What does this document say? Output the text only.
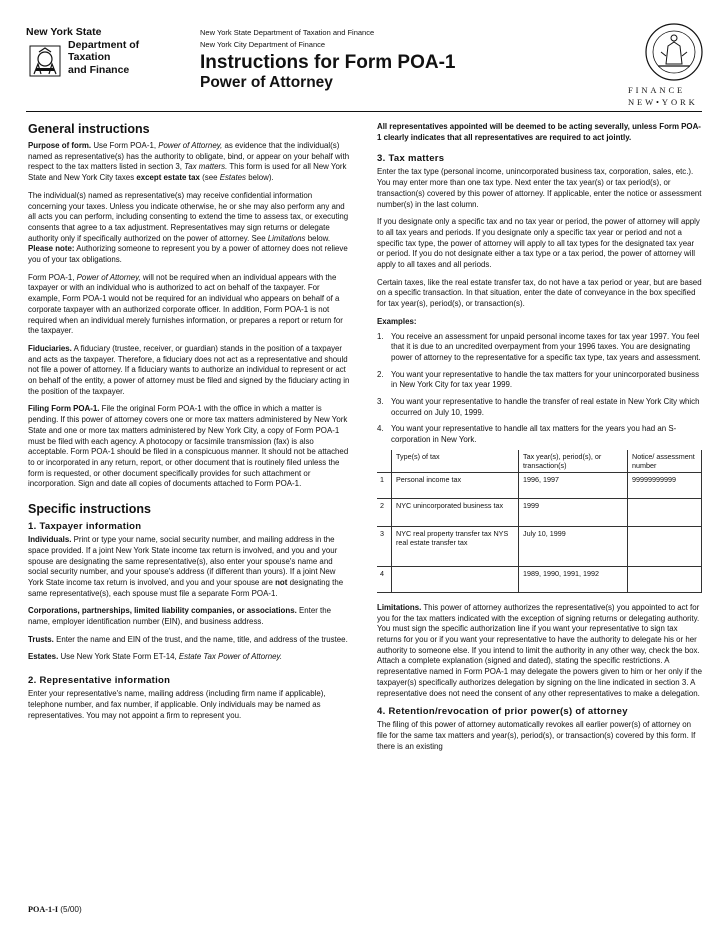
New York State
Department of
Taxation
and Finance
New York State Department of Taxation and Finance
New York City Department of Finance
Instructions for Form POA-1
Power of Attorney	FINANCE
NEW•YORK
General instructions

Purpose of form. Use Form POA-1, Power of Attorney, as evidence that the individual(s) named as representative(s) has the authority to obligate, bind, or appear on your behalf with respect to the tax matters listed in section 3, Tax matters. This form is used for all New York State and New York City taxes except estate tax (see Estates below).

The individual(s) named as representative(s) may receive confidential information concerning your taxes. Unless you indicate otherwise, he or she may also perform any and all acts you can perform, including consenting to extend the time to assess tax, or executing consents that agree to a tax adjustment. Representatives may sign returns or delegate authority only if specifically authorized on the power of attorney. See Limitations below. Please note: Authorizing someone to represent you by a power of attorney does not relieve you of your tax obligations.

Form POA-1, Power of Attorney, will not be required when an individual appears with the taxpayer or with an individual who is authorized to act on behalf of the taxpayer. For example, Form POA-1 would not be required for an individual who appears on behalf of a corporate taxpayer with an authorized corporate officer. In addition, Form POA-1 is not required when an individual merely furnishes information, or prepares a report or return for the taxpayer.

Fiduciaries. A fiduciary (trustee, receiver, or guardian) stands in the position of a taxpayer and acts as the taxpayer. Therefore, a fiduciary does not act as a representative and should not file a power of attorney. If a fiduciary wants to authorize an individual to represent or act on behalf of the entity, a power of attorney must be filed and signed by the fiduciary acting in the position of the taxpayer.

Filing Form POA-1. File the original Form POA-1 with the office in which a matter is pending. If this power of attorney covers one or more tax matters administered by New York State and one or more tax matters administered by New York City, a copy of Form POA-1 must be filed with each agency. A photocopy or facsimile transmission (fax) is also acceptable. Form POA-1 should be filed in a conspicuous manner. It should not be attached to or incorporated in any return, report, or other document that is routinely filed unless the form is requested, or other document specifically provides for such attachment or incorporation. Sign and date all copies of documents attached to Form POA-1.

Specific instructions
1. Taxpayer information

Individuals. Print or type your name, social security number, and mailing address in the space provided. If a joint New York State income tax return is involved, and you and your spouse are designating the same representative(s), also enter your spouse's name and social security number, and your spouse's address (if different than yours). If a joint New York State income tax return is involved, and you and your spouse are not designating the same representative(s), each spouse must file a separate Form POA-1.

Corporations, partnerships, limited liability companies, or associations. Enter the name, employer identification number (EIN), and business address.

Trusts. Enter the name and EIN of the trust, and the name, title, and address of the trustee.

Estates. Use New York State Form ET-14, Estate Tax Power of Attorney.

2. Representative information

Enter your representative's name, mailing address (including firm name if applicable), telephone number, and fax number, if applicable. Only individuals may be named as representatives. You may not appoint a firm to represent you.

All representatives appointed will be deemed to be acting severally, unless Form POA-1 clearly indicates that all representatives are required to act jointly.

3. Tax matters

Enter the tax type (personal income, unincorporated business tax, corporation, sales, etc.). You may enter more than one tax type. Next enter the tax year(s) or tax period(s), or transaction(s) covered by this power of attorney. If applicable, enter the notice or assessment number(s) in the last column.

If you designate only a specific tax and no tax year or period, the power of attorney will apply to all tax years and periods. If you designate only a specific tax year or period and not a specific tax type, the power of attorney will apply to all tax types for the designated tax year or period. If you do not designate either a tax type or a tax period, the power of attorney will apply to all taxes and all periods.

Certain taxes, like the real estate transfer tax, do not have a tax period or year, but are based on a specific transaction. In that situation, enter the date of conveyance in the box specified for tax year(s), period(s), or transaction(s).

Examples:

1. You receive an assessment for unpaid personal income taxes for tax year 1997. You feel that it is due to an uncredited overpayment from your 1996 taxes. You are designating power of attorney to the representative for a specific tax type, tax years and assessment.
2. You want your representative to handle the tax matters for your unincorporated business in New York City for tax year 1999.
3. You want your representative to handle the transfer of real estate in New York City which occurred on July 10, 1999.
4. You want your representative to handle all tax matters for the years you had an S-corporation in New York.
	Type(s) of tax	Tax year(s), period(s), or transaction(s)	Notice/ assessment number
1	Personal income tax	1996, 1997	99999999999
2	NYC unincorporated business tax	1999	
3	NYC real property transfer tax NYS real estate transfer tax	July 10, 1999	
4		1989, 1990, 1991, 1992	

Limitations. This power of attorney authorizes the representative(s) you appointed to act for you for the tax matters indicated with the exception of signing returns or delegating authority. You must sign the specific authorization line if you want your representative to sign tax returns for you or if you want your representative to have the authority to delegate his or her authority to someone else. If you intend to limit the authority in any other way, check the box. Attach a complete explanation (signed and dated), stating the specific restrictions. A representative named in Form POA-1 may delegate the powers given to him or her only if the taxpayer(s) specifically authorizes delegation by signing on the line indicated in section 3. A representative does not need the consent of any other representatives to make a delegation.

4. Retention/revocation of prior power(s) of attorney

The filing of this power of attorney automatically revokes all earlier power(s) of attorney on file for the same tax matters and year(s), period(s), or transaction(s) covered by this form. If there is an existing

POA-1-I (5/00)
